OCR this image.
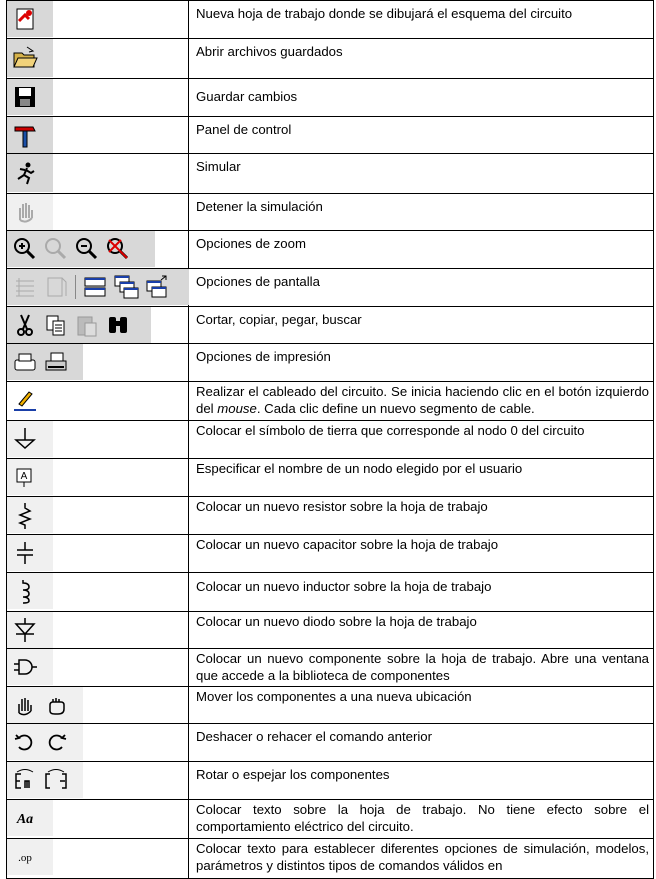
	Nueva hoja de trabajo donde se dibujará el esquema del circuito

	Abrir archivos guardados

	Guardar cambios

	Panel de control

	Simular

	Detener la simulación

	Opciones de zoom

	Opciones de pantalla

	Cortar, copiar, pegar, buscar

	Opciones de impresión

	Realizar el cableado del circuito. Se inicia haciendo clic en el botón izquierdo del mouse. Cada clic define un nuevo segmento de cable.

	Colocar el símbolo de tierra que corresponde al nodo 0 del circuito

A	Especificar el nombre de un nodo elegido por el usuario

	Colocar un nuevo resistor sobre la hoja de trabajo

	Colocar un nuevo capacitor sobre la hoja de trabajo

	Colocar un nuevo inductor sobre la hoja de trabajo

	Colocar un nuevo diodo sobre la hoja de trabajo

	Colocar un nuevo componente sobre la hoja de trabajo. Abre una ventana que accede a la biblioteca de componentes

	Mover los componentes a una nueva ubicación

	Deshacer o rehacer el comando anterior

	Rotar o espejar los componentes

Aa	Colocar texto sobre la hoja de trabajo. No tiene efecto sobre el comportamiento eléctrico del circuito.

.op	Colocar texto para establecer diferentes opciones de simulación, modelos, parámetros y distintos tipos de comandos válidos en
